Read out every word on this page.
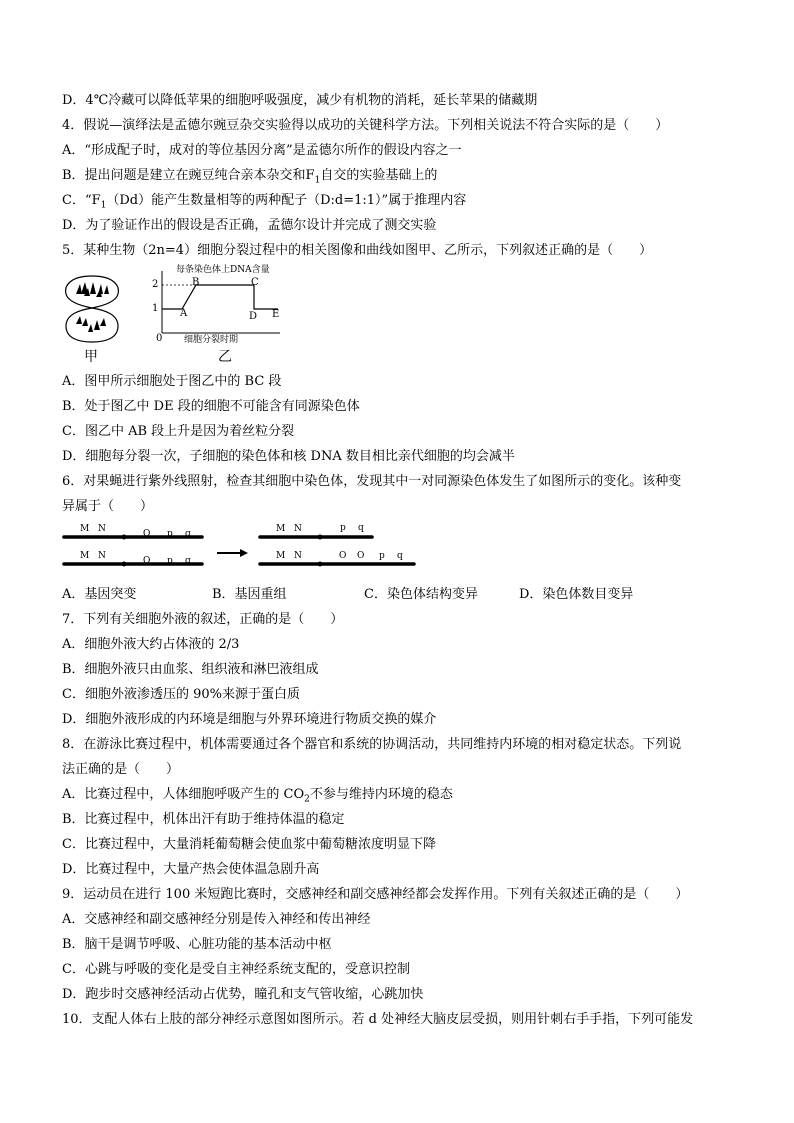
D．4℃冷藏可以降低苹果的细胞呼吸强度，减少有机物的消耗，延长苹果的储藏期
4．假说—演绎法是孟德尔豌豆杂交实验得以成功的关键科学方法。下列相关说法不符合实际的是（　　）
A．“形成配子时，成对的等位基因分离”是孟德尔所作的假设内容之一
B．提出问题是建立在豌豆纯合亲本杂交和$F_1$自交的实验基础上的
C．“$F_1(Dd)$能产生数量相等的两种配子（D:d=1:1）”属于推理内容
D．为了验证作出的假设是否正确，孟德尔设计并完成了测交实验
5．某种生物（2n=4）细胞分裂过程中的相关图像和曲线如图甲、乙所示，下列叙述正确的是（　　）
甲
每条染色体上DNA含量
2
1
0
A
B	C
D E
细胞分裂时期
乙
A．图甲所示细胞处于图乙中的 BC 段
B．处于图乙中 DE 段的细胞不可能含有同源染色体
C．图乙中 AB 段上升是因为着丝粒分裂
D．细胞每分裂一次，子细胞的染色体和核 DNA 数目相比亲代细胞的均会减半
6．对果蝇进行紫外线照射，检查其细胞中染色体，发现其中一对同源染色体发生了如图所示的变化。该种变
异属于（　　）
M N	O p q
M N	O p q
M N	p q
M N	O O p q
A．基因突变	B．基因重组	C．染色体结构变异	D．染色体数目变异
7．下列有关细胞外液的叙述，正确的是（　　）
A．细胞外液大约占体液的 2/3
B．细胞外液只由血浆、组织液和淋巴液组成
C．细胞外液渗透压的 90%来源于蛋白质
D．细胞外液形成的内环境是细胞与外界环境进行物质交换的媒介
8．在游泳比赛过程中，机体需要通过各个器官和系统的协调活动，共同维持内环境的相对稳定状态。下列说
法正确的是（　　）
A．比赛过程中，人体细胞呼吸产生的 $CO_2$不参与维持内环境的稳态
B．比赛过程中，机体出汗有助于维持体温的稳定
C．比赛过程中，大量消耗葡萄糖会使血浆中葡萄糖浓度明显下降
D．比赛过程中，大量产热会使体温急剧升高
9．运动员在进行 100 米短跑比赛时，交感神经和副交感神经都会发挥作用。下列有关叙述正确的是（　　）
A．交感神经和副交感神经分别是传入神经和传出神经
B．脑干是调节呼吸、心脏功能的基本活动中枢
C．心跳与呼吸的变化是受自主神经系统支配的，受意识控制
D．跑步时交感神经活动占优势，瞳孔和支气管收缩，心跳加快
10．支配人体右上肢的部分神经示意图如图所示。若 d 处神经大脑皮层受损，则用针刺右手手指，下列可能发
